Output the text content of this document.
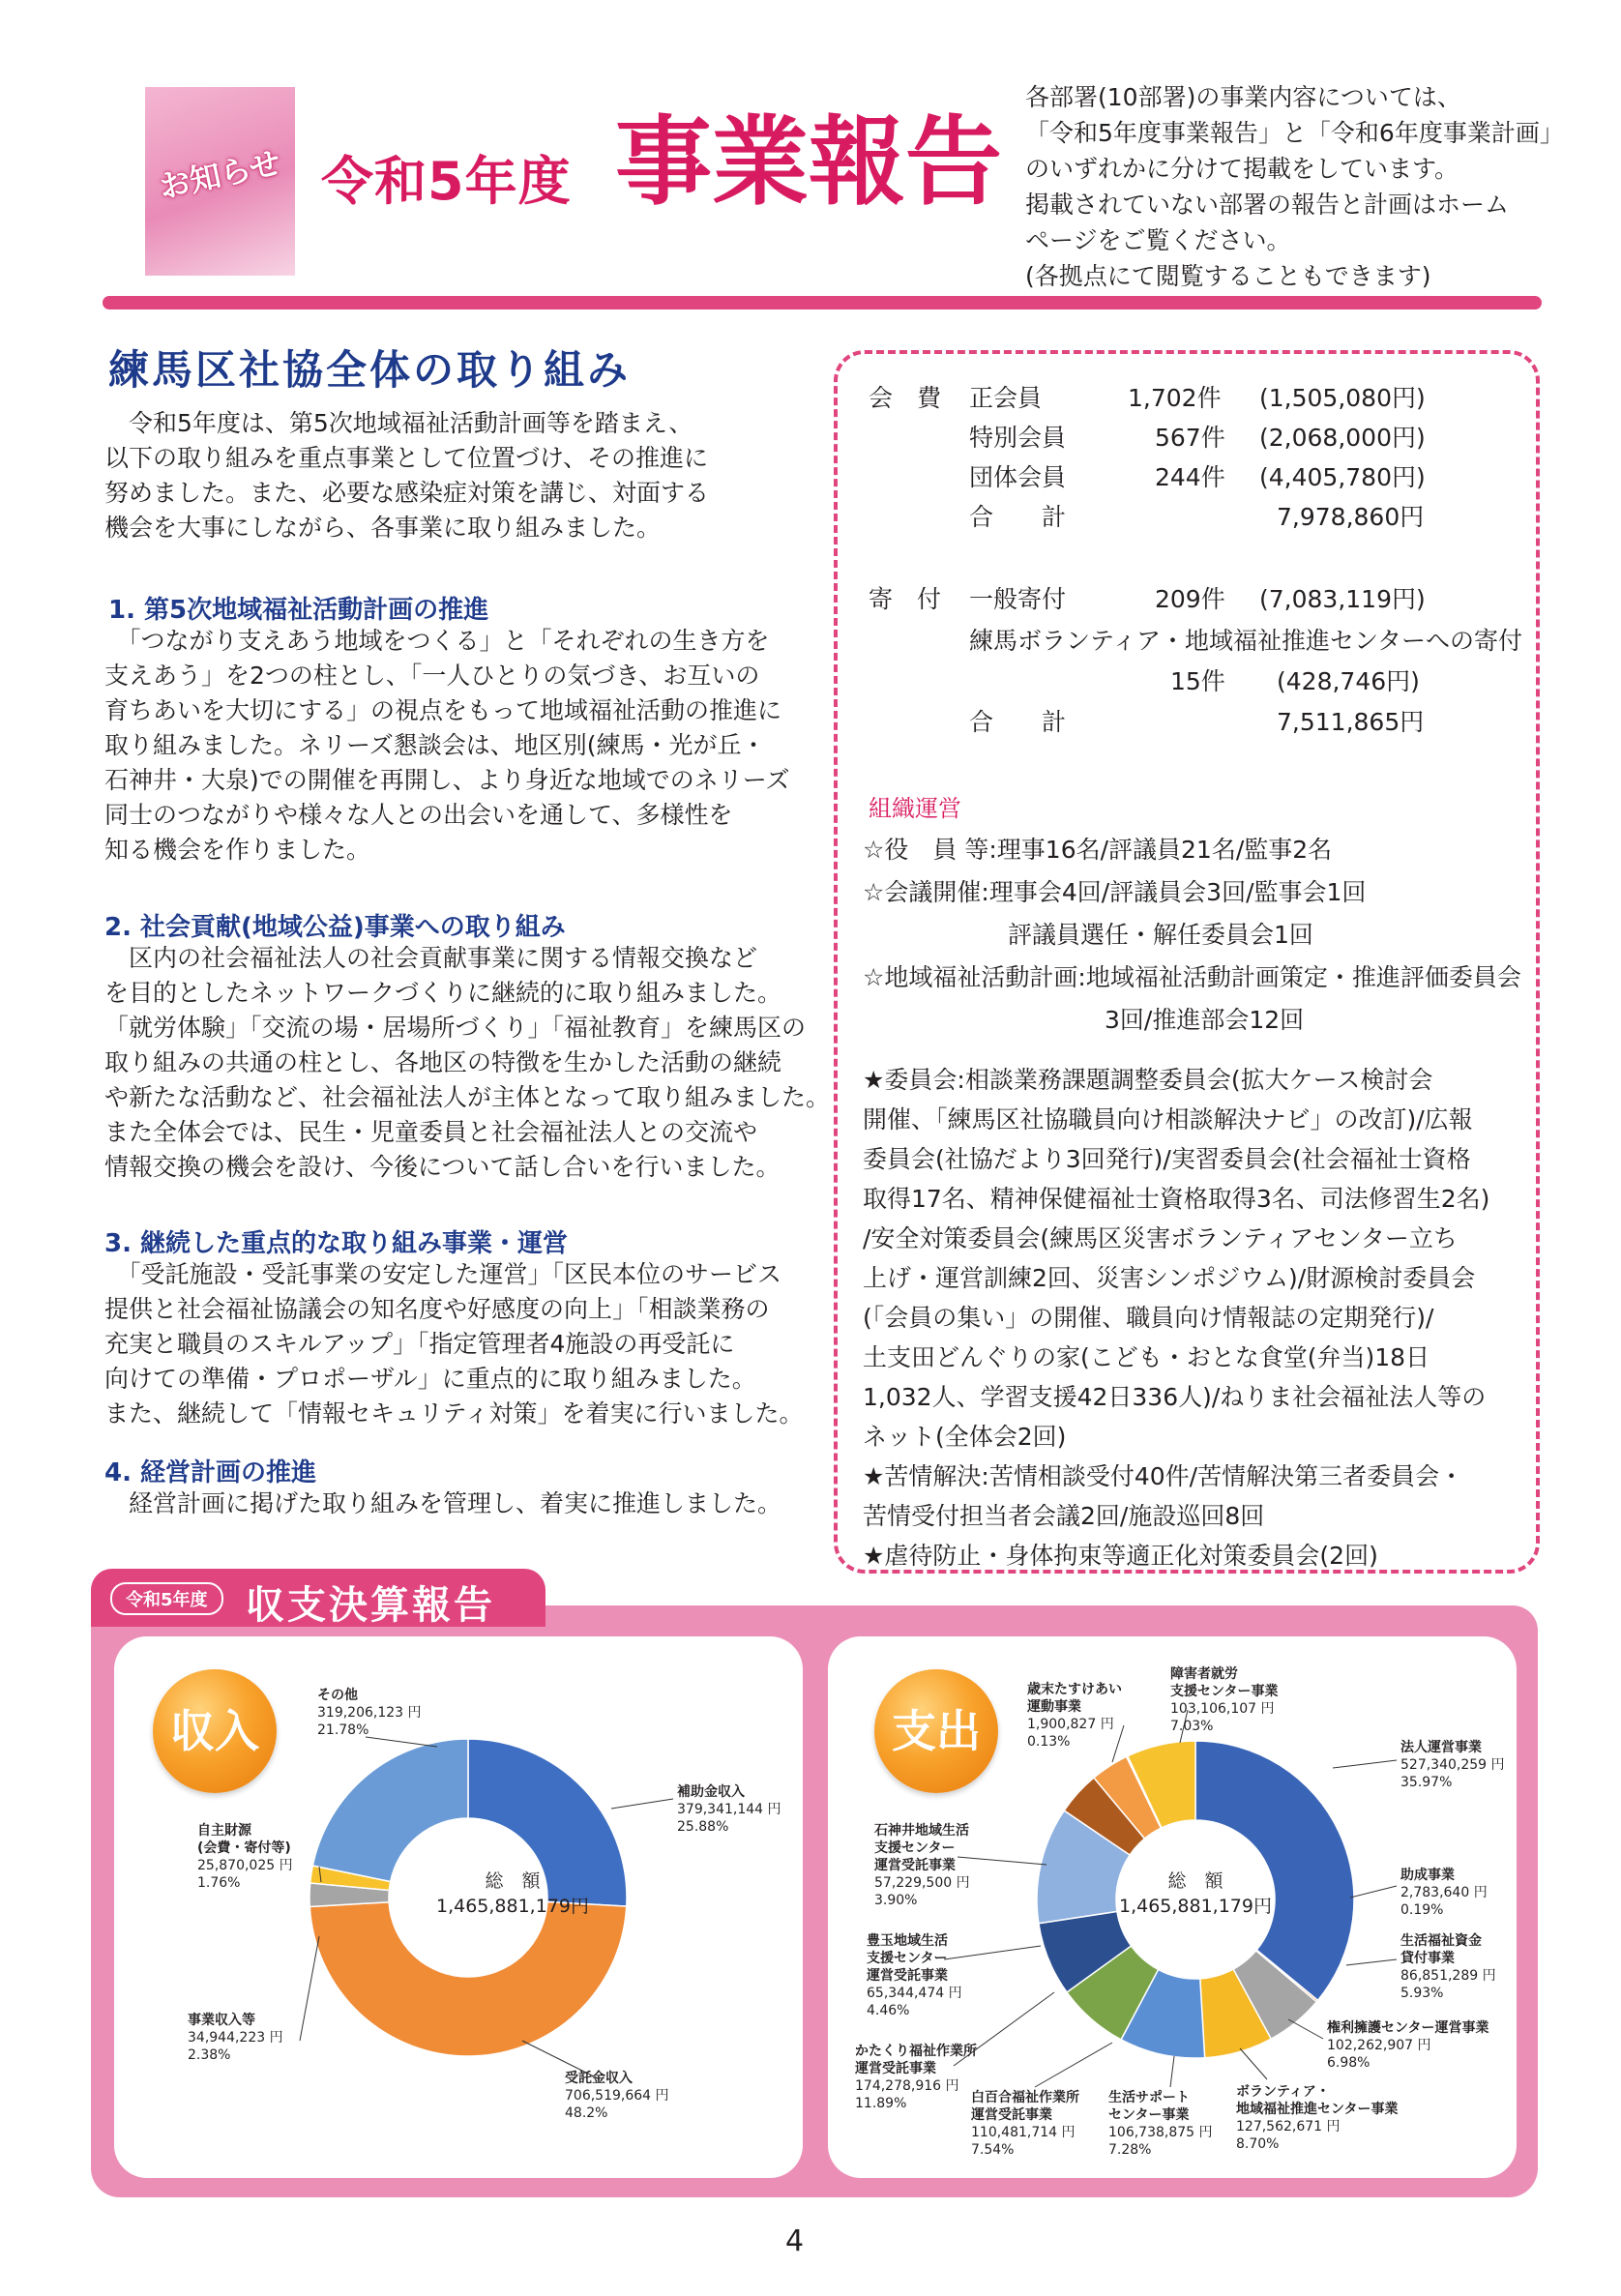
お知らせ 令和5年度 事業報告

各部署(10部署)の事業内容については、

「令和5年度事業報告」と「令和6年度事業計画」

のいずれかに分けて掲載をしています。

掲載されていない部署の報告と計画はホーム

ページをご覧ください。

(各拠点にて閲覧することもできます)

練馬区社協全体の取り組み

　令和5年度は、第5次地域福祉活動計画等を踏まえ、

以下の取り組みを重点事業として位置づけ、その推進に

努めました。また、必要な感染症対策を講じ、対面する

機会を大事にしながら、各事業に取り組みました。

1. 第5次地域福祉活動計画の推進

　「つながり支えあう地域をつくる」と「それぞれの生き方を

支えあう」を2つの柱とし、「一人ひとりの気づき、お互いの

育ちあいを大切にする」の視点をもって地域福祉活動の推進に

取り組みました。ネリーズ懇談会は、地区別(練馬・光が丘・

石神井・大泉)での開催を再開し、より身近な地域でのネリーズ

同士のつながりや様々な人との出会いを通して、多様性を

知る機会を作りました。

2. 社会貢献(地域公益)事業への取り組み

　区内の社会福祉法人の社会貢献事業に関する情報交換など

を目的としたネットワークづくりに継続的に取り組みました。

「就労体験」「交流の場・居場所づくり」「福祉教育」を練馬区の

取り組みの共通の柱とし、各地区の特徴を生かした活動の継続

や新たな活動など、社会福祉法人が主体となって取り組みました。

また全体会では、民生・児童委員と社会福祉法人との交流や

情報交換の機会を設け、今後について話し合いを行いました。

3. 継続した重点的な取り組み事業・運営

　「受託施設・受託事業の安定した運営」「区民本位のサービス

提供と社会福祉協議会の知名度や好感度の向上」「相談業務の

充実と職員のスキルアップ」「指定管理者4施設の再受託に

向けての準備・プロポーザル」に重点的に取り組みました。

また、継続して「情報セキュリティ対策」を着実に行いました。

4. 経営計画の推進

　経営計画に掲げた取り組みを管理し、着実に推進しました。

会　費 正会員	1,702件 (1,505,080円)
特別会員	567件 (2,068,000円)
団体会員	244件 (4,405,780円)
合　　計	7,978,860円
寄　付 一般寄付	209件 (7,083,119円)
練馬ボランティア・地域福祉推進センターへの寄付
15件 (428,746円)
合　　計	7,511,865円
組織運営
☆役　員 等:理事16名/評議員21名/監事2名
☆会議開催:理事会4回/評議員会3回/監事会1回
　　　　　　評議員選任・解任委員会1回
☆地域福祉活動計画:地域福祉活動計画策定・推進評価委員会
　　　　　　　　　　3回/推進部会12回
★委員会:相談業務課題調整委員会(拡大ケース検討会
開催、「練馬区社協職員向け相談解決ナビ」の改訂)/広報
委員会(社協だより3回発行)/実習委員会(社会福祉士資格
取得17名、精神保健福祉士資格取得3名、司法修習生2名)
/安全対策委員会(練馬区災害ボランティアセンター立ち
上げ・運営訓練2回、災害シンポジウム)/財源検討委員会
(「会員の集い」の開催、職員向け情報誌の定期発行)/
土支田どんぐりの家(こども・おとな食堂(弁当)18日
1,032人、学習支援42日336人)/ねりま社会福祉法人等の
ネット(全体会2回)
★苦情解決:苦情相談受付40件/苦情解決第三者委員会・
苦情受付担当者会議2回/施設巡回8回
★虐待防止・身体拘束等適正化対策委員会(2回)
令和5年度 収支決算報告
収入	支出
総　額
1,465,881,179円
総　額
1,465,881,179円
その他
319,206,123 円
21.78%
補助金収入
379,341,144 円
25.88%
自主財源
(会費・寄付等)
25,870,025 円
1.76%
事業収入等
34,944,223 円
2.38%
受託金収入
706,519,664 円
48.2%
歳末たすけあい
運動事業
1,900,827 円
0.13%
障害者就労
支援センター事業
103,106,107 円
7.03%
法人運営事業
527,340,259 円
35.97%
助成事業
2,783,640 円
0.19%
生活福祉資金
貸付事業
86,851,289 円
5.93%
権利擁護センター運営事業
102,262,907 円
6.98%
ボランティア・
地域福祉推進センター事業
127,562,671 円
8.70%
生活サポート
センター事業
106,738,875 円
7.28%
白百合福祉作業所
運営受託事業
110,481,714 円
7.54%
かたくり福祉作業所
運営受託事業
174,278,916 円
11.89%
豊玉地域生活
支援センター
運営受託事業
65,344,474 円
4.46%
石神井地域生活
支援センター
運営受託事業
57,229,500 円
3.90%
4
